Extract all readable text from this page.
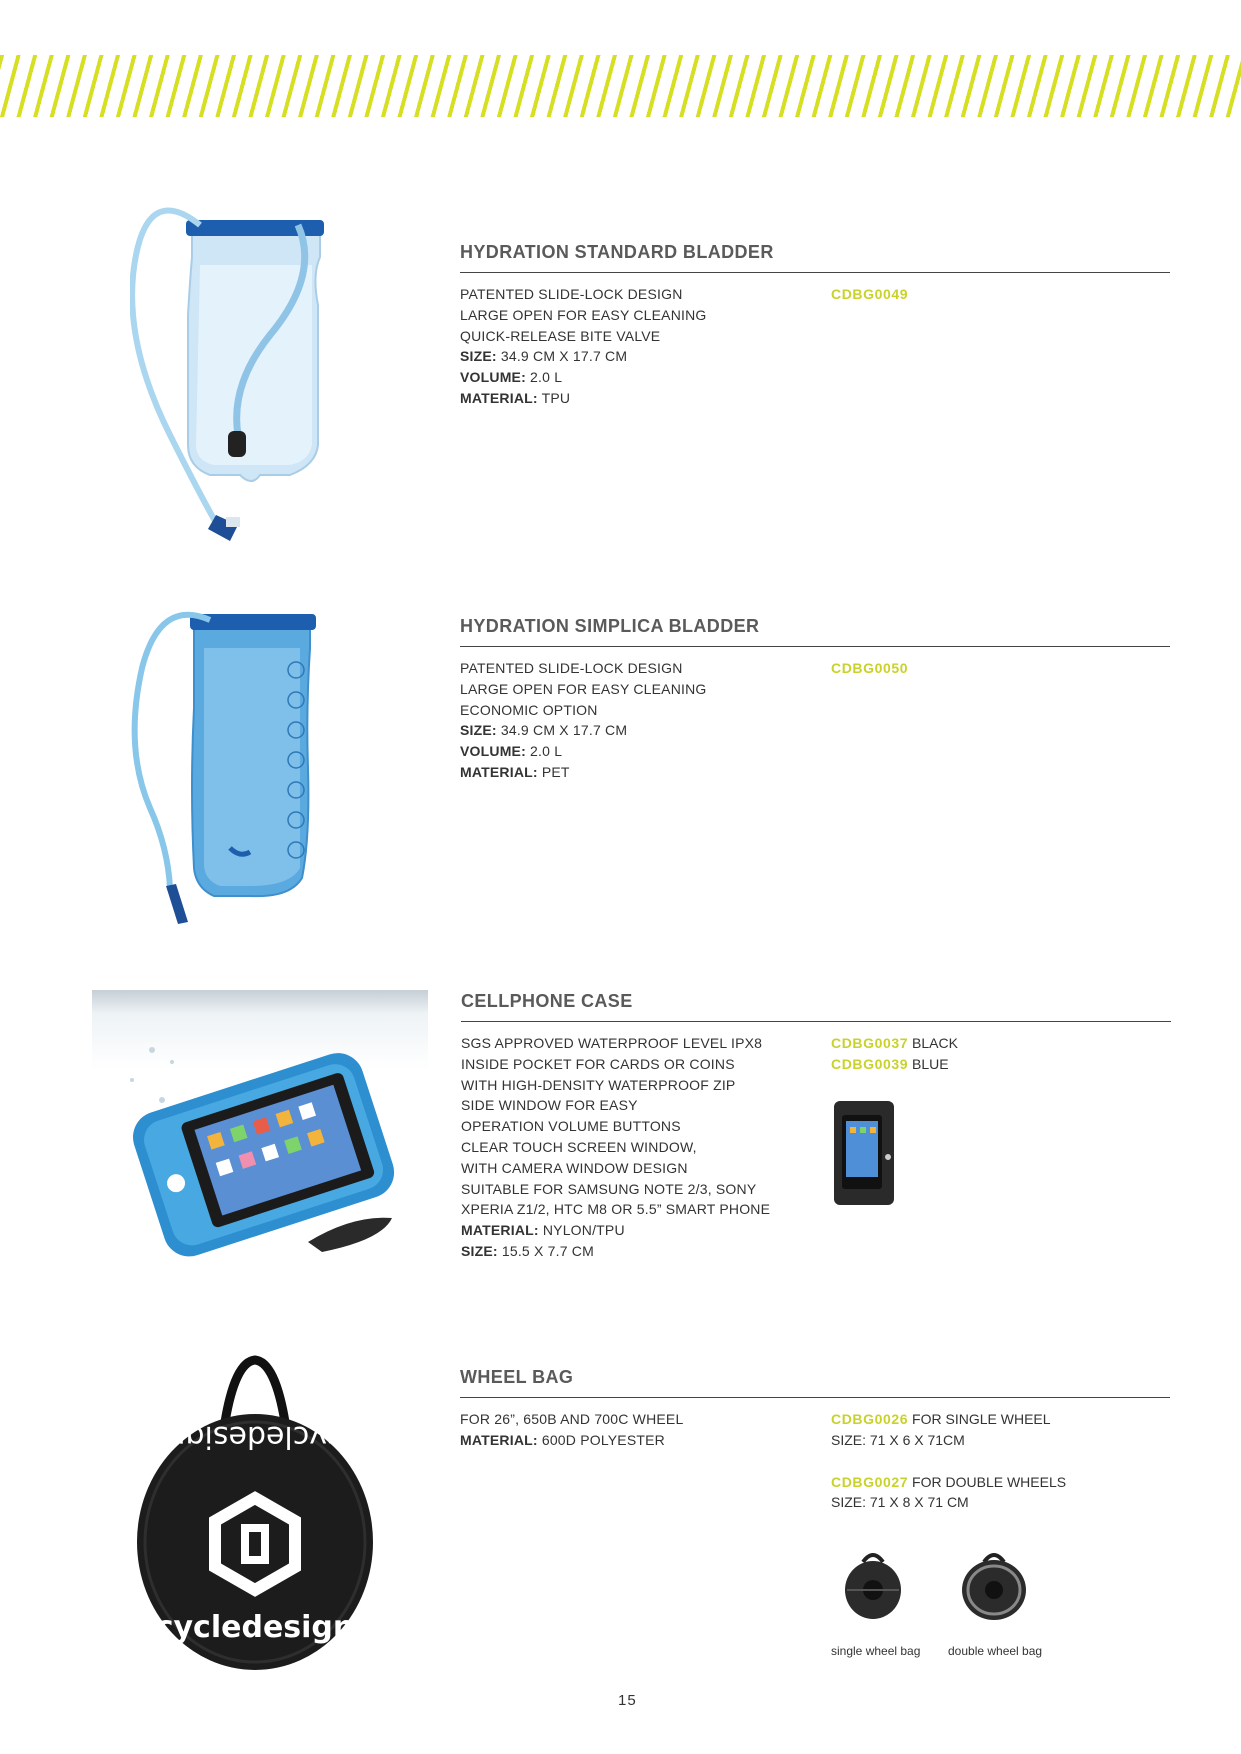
HYDRATION STANDARD BLADDER
PATENTED SLIDE-LOCK DESIGN
LARGE OPEN FOR EASY CLEANING
QUICK-RELEASE BITE VALVE
SIZE: 34.9 CM X 17.7 CM
VOLUME: 2.0 L
MATERIAL: TPU
CDBG0049
HYDRATION SIMPLICA BLADDER
PATENTED SLIDE-LOCK DESIGN
LARGE OPEN FOR EASY CLEANING
ECONOMIC OPTION
SIZE: 34.9 CM X 17.7 CM
VOLUME: 2.0 L
MATERIAL: PET
CDBG0050
CELLPHONE CASE
SGS APPROVED WATERPROOF LEVEL IPX8
INSIDE POCKET FOR CARDS OR COINS
WITH HIGH-DENSITY WATERPROOF ZIP
SIDE WINDOW FOR EASY
OPERATION VOLUME BUTTONS
CLEAR TOUCH SCREEN WINDOW,
WITH CAMERA WINDOW DESIGN
SUITABLE FOR SAMSUNG NOTE 2/3, SONY
XPERIA Z1/2, HTC M8 OR 5.5” SMART PHONE
MATERIAL: NYLON/TPU
SIZE: 15.5 X 7.7 CM
CDBG0037 BLACK
CDBG0039 BLUE
WHEEL BAG
FOR 26”, 650B AND 700C WHEEL
MATERIAL: 600D POLYESTER
CDBG0026 FOR SINGLE WHEEL
SIZE: 71 X 6 X 71CM
CDBG0027 FOR DOUBLE WHEELS
SIZE: 71 X 8 X 71 CM
cycledesign
cycledesign
single wheel bag double wheel bag
15
